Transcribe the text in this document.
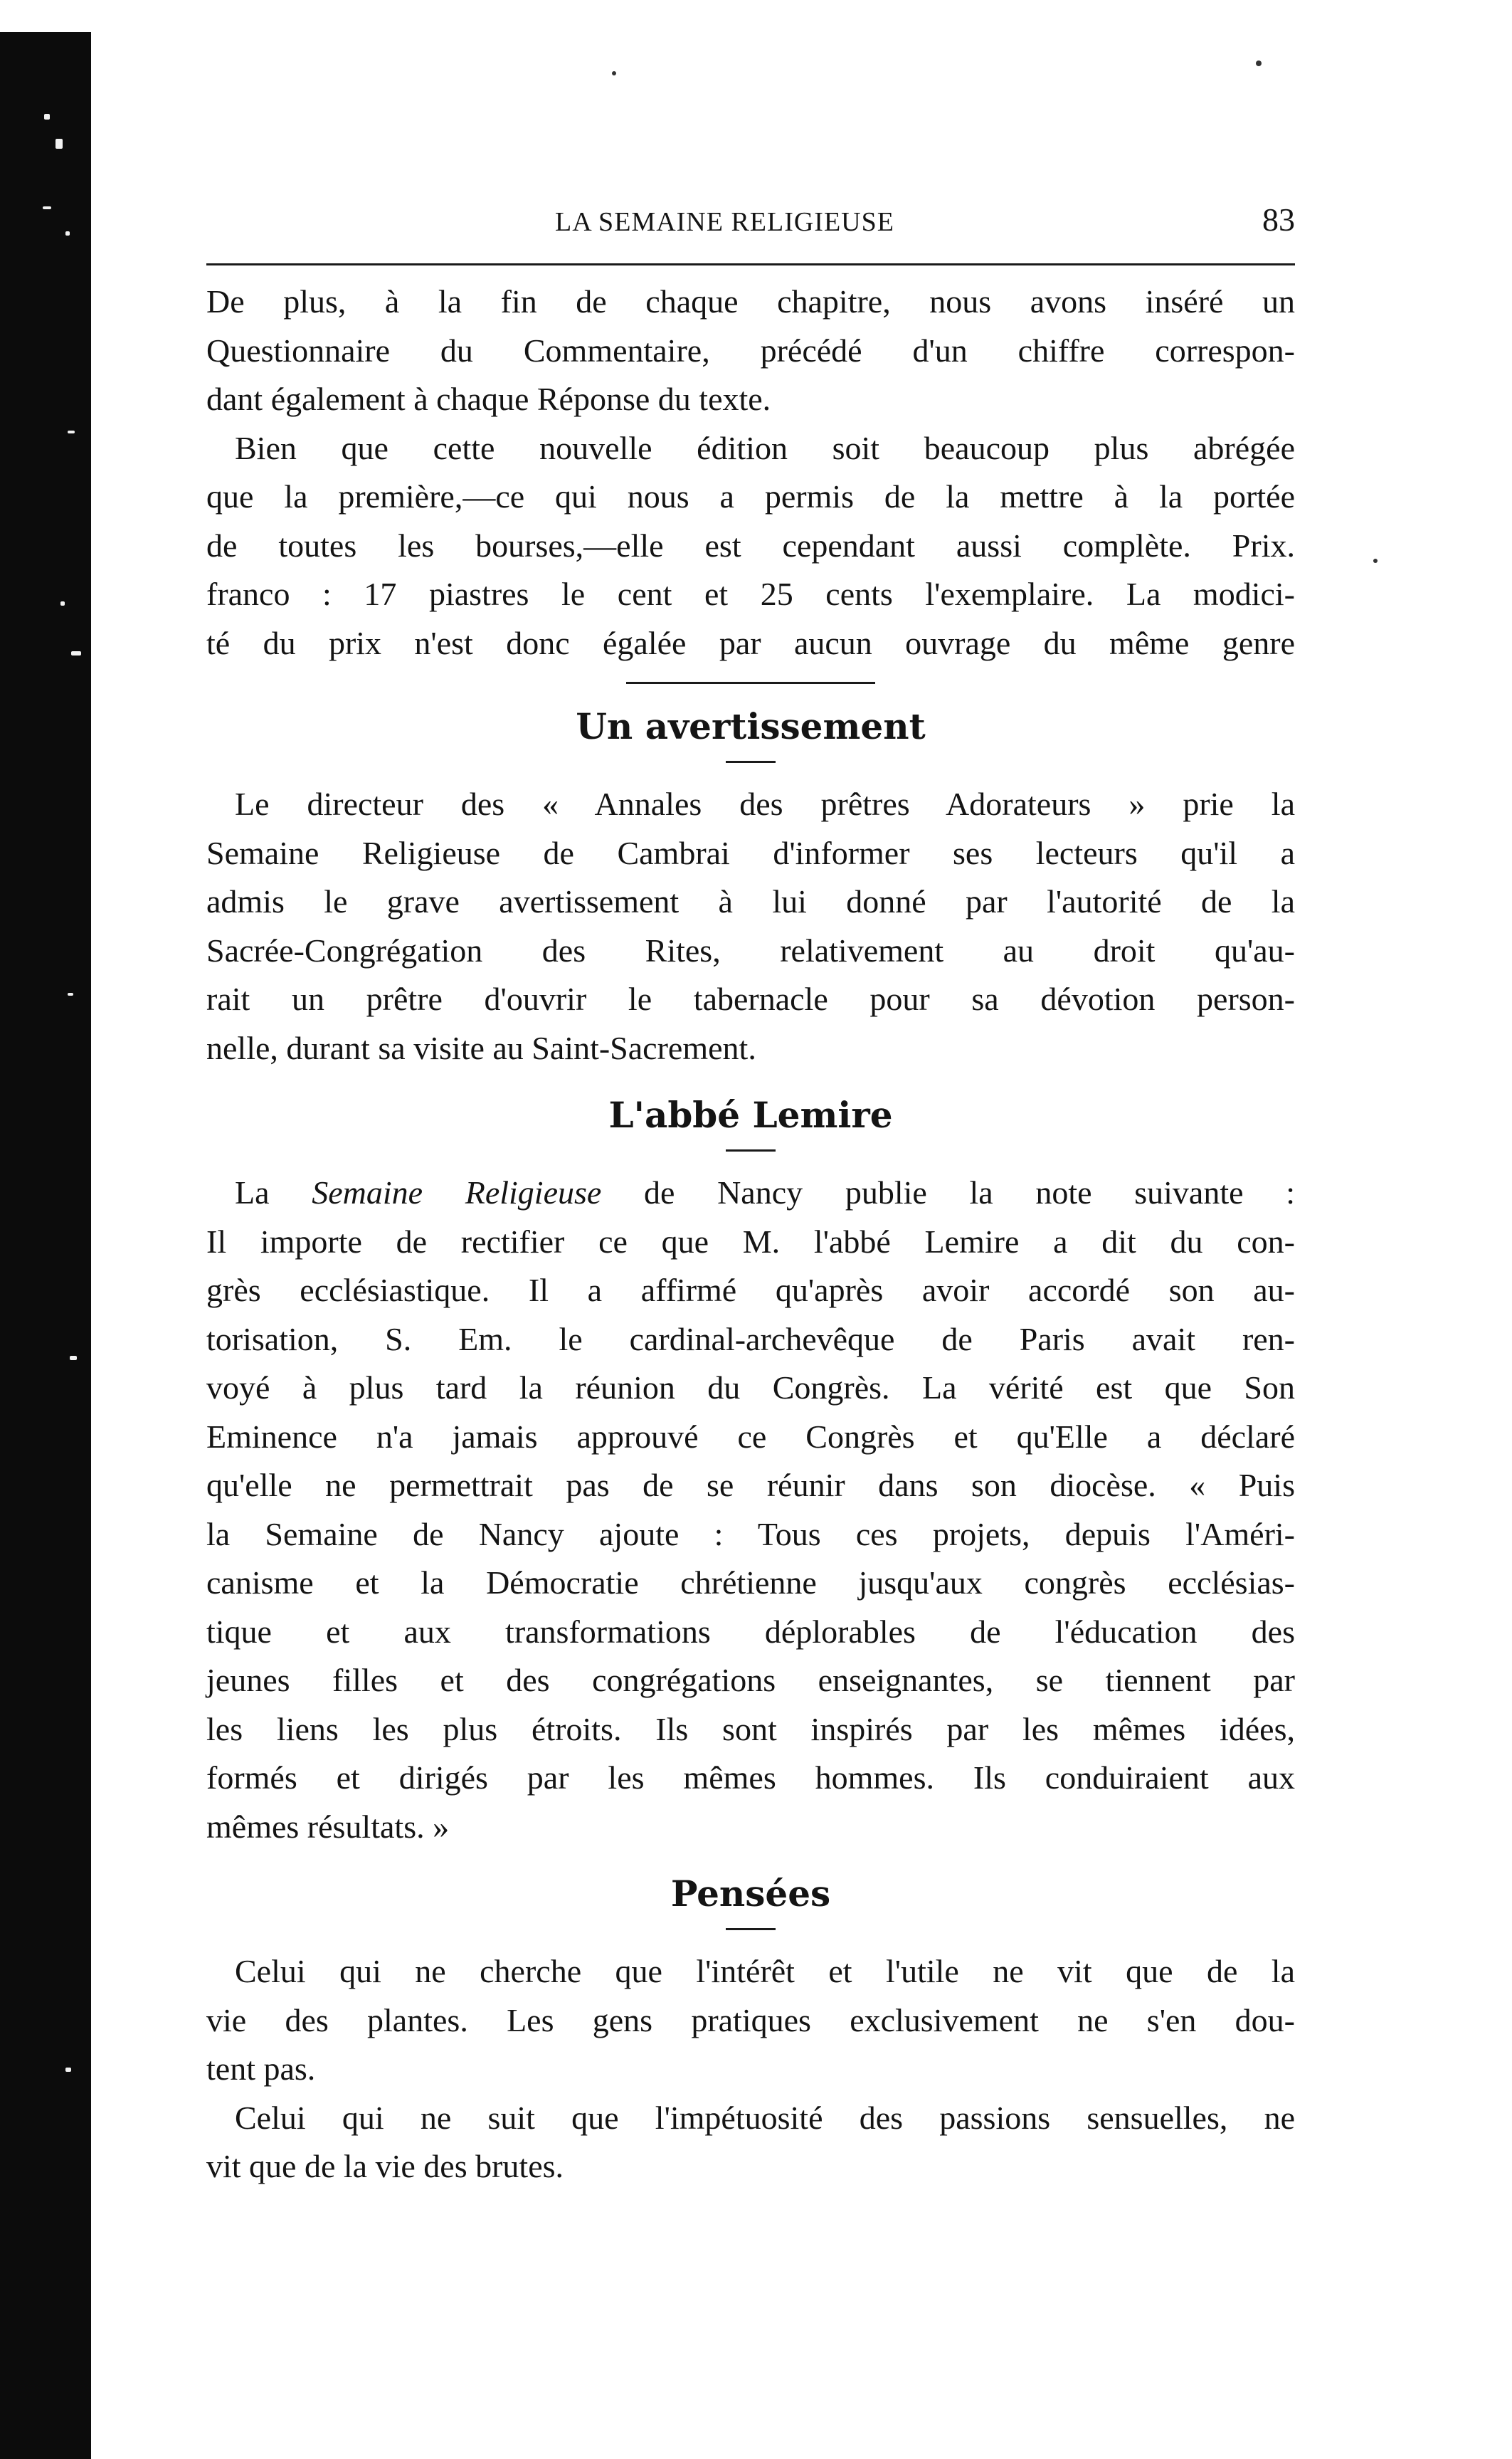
LA SEMAINE RELIGIEUSE	83
De plus, à la fin de chaque chapitre, nous avons inséré un
Questionnaire du Commentaire, précédé d'un chiffre correspon-
dant également à chaque Réponse du texte.
Bien que cette nouvelle édition soit beaucoup plus abrégée
que la première,—ce qui nous a permis de la mettre à la portée
de toutes les bourses,—elle est cependant aussi complète. Prix.
franco : 17 piastres le cent et 25 cents l'exemplaire. La modici-
té du prix n'est donc égalée par aucun ouvrage du même genre
Un avertissement
Le directeur des « Annales des prêtres Adorateurs » prie la
Semaine Religieuse de Cambrai d'informer ses lecteurs qu'il a
admis le grave avertissement à lui donné par l'autorité de la
Sacrée-Congrégation des Rites, relativement au droit qu'au-
rait un prêtre d'ouvrir le tabernacle pour sa dévotion person-
nelle, durant sa visite au Saint-Sacrement.
L'abbé Lemire
La Semaine Religieuse de Nancy publie la note suivante :
Il importe de rectifier ce que M. l'abbé Lemire a dit du con-
grès ecclésiastique. Il a affirmé qu'après avoir accordé son au-
torisation, S. Em. le cardinal-archevêque de Paris avait ren-
voyé à plus tard la réunion du Congrès. La vérité est que Son
Eminence n'a jamais approuvé ce Congrès et qu'Elle a déclaré
qu'elle ne permettrait pas de se réunir dans son diocèse. « Puis
la Semaine de Nancy ajoute : Tous ces projets, depuis l'Améri-
canisme et la Démocratie chrétienne jusqu'aux congrès ecclésias-
tique et aux transformations déplorables de l'éducation des
jeunes filles et des congrégations enseignantes, se tiennent par
les liens les plus étroits. Ils sont inspirés par les mêmes idées,
formés et dirigés par les mêmes hommes. Ils conduiraient aux
mêmes résultats. »
Pensées
Celui qui ne cherche que l'intérêt et l'utile ne vit que de la
vie des plantes. Les gens pratiques exclusivement ne s'en dou-
tent pas.
Celui qui ne suit que l'impétuosité des passions sensuelles, ne
vit que de la vie des brutes.
